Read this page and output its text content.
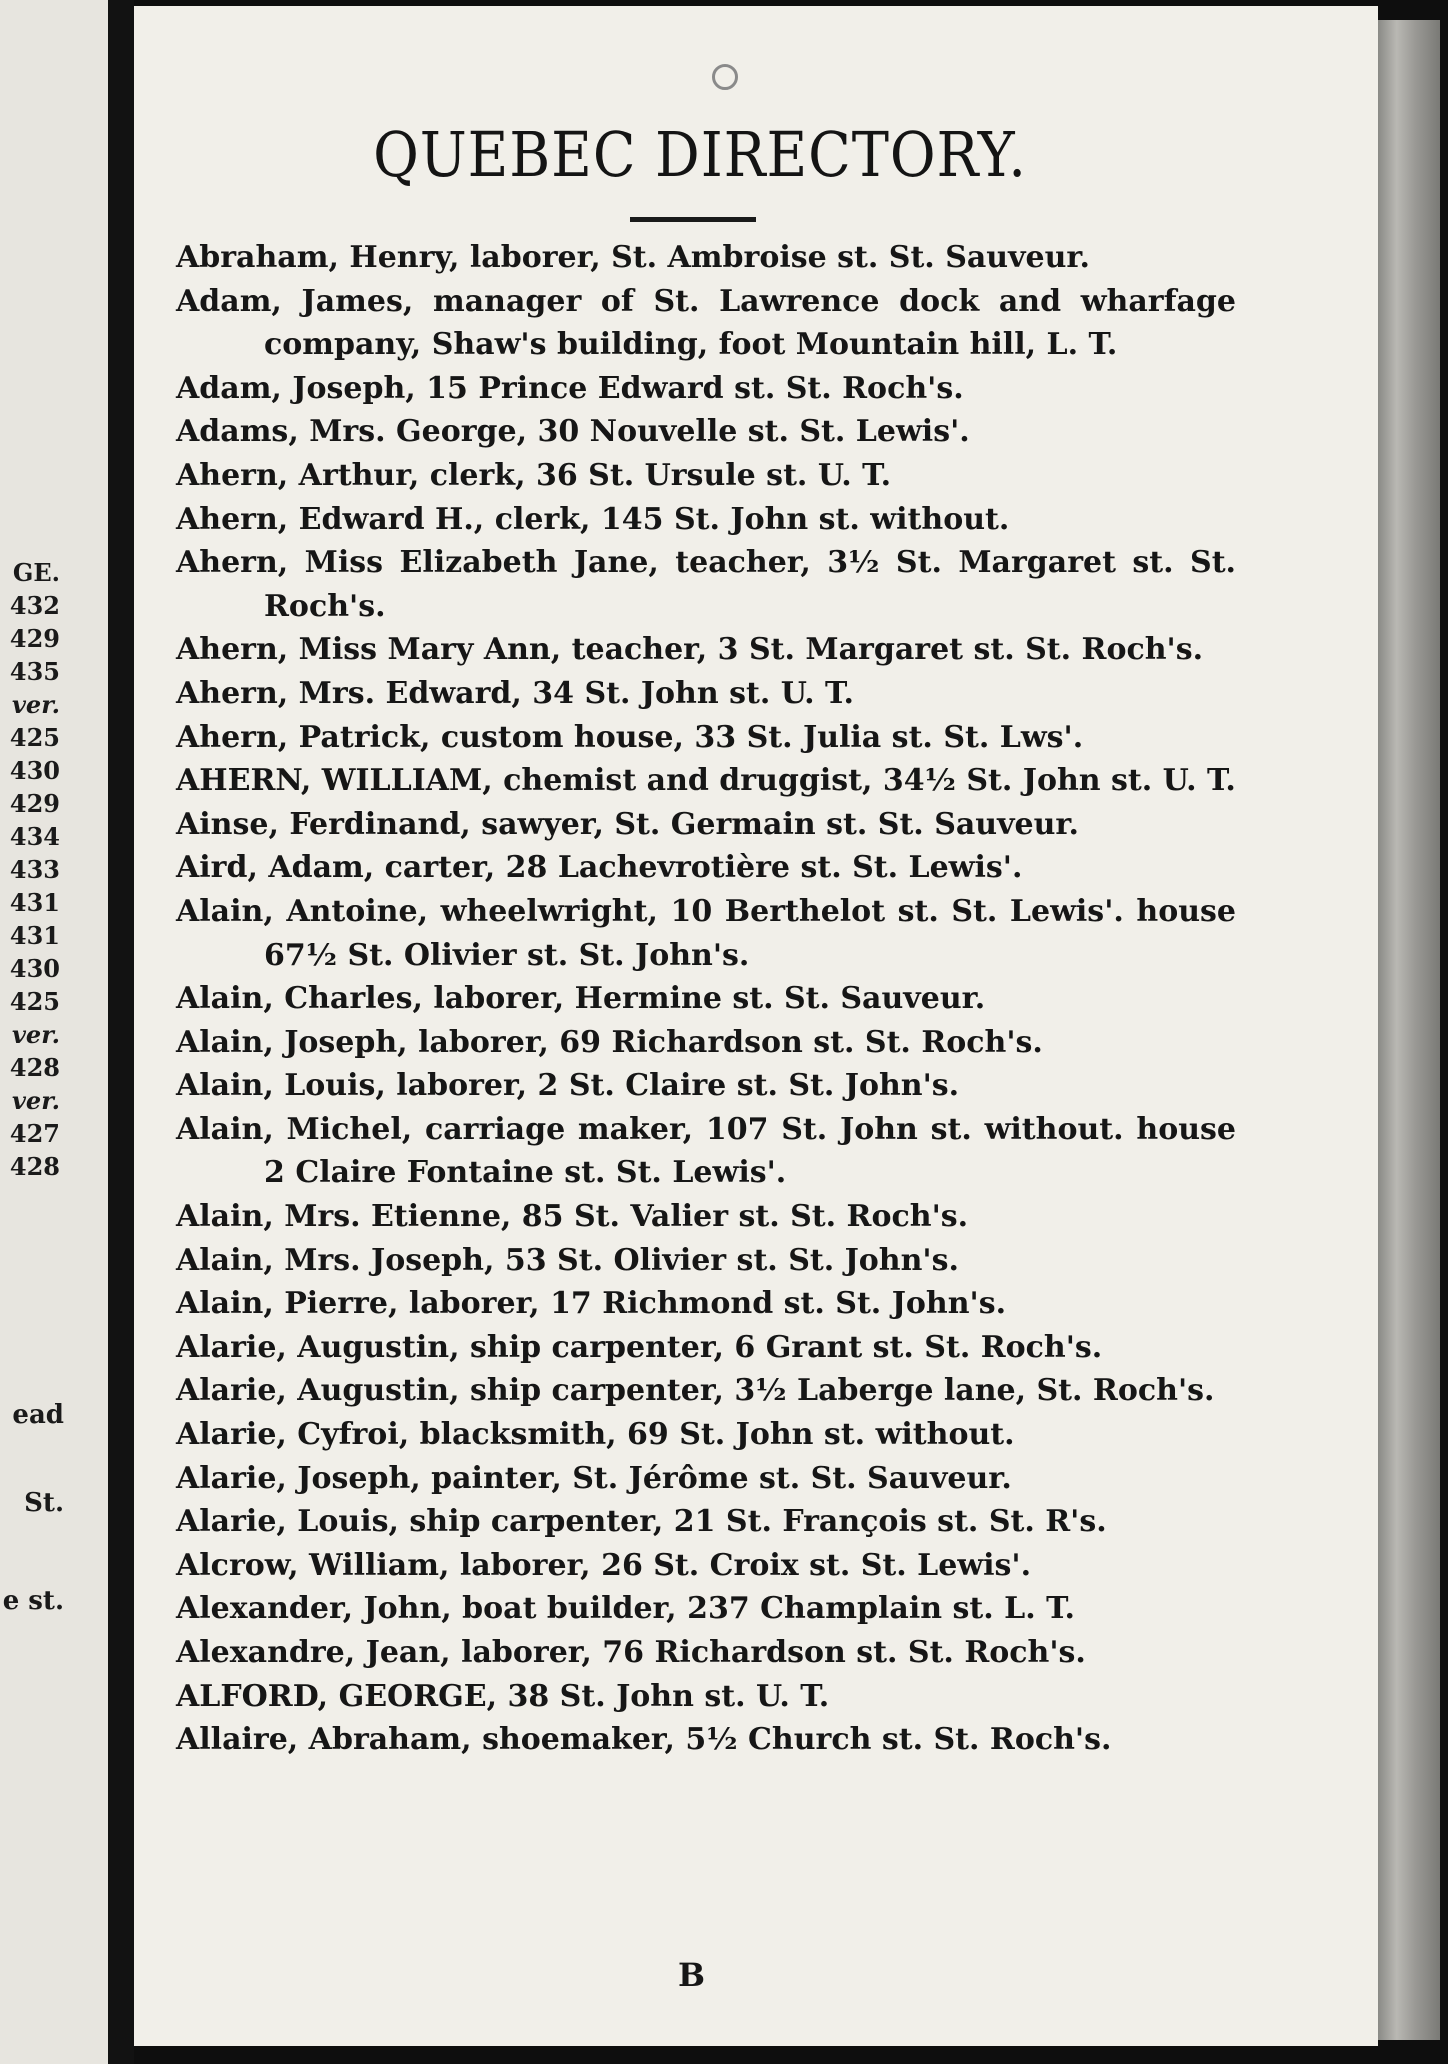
GE.
432
429
435
ver.
425
430
429
434
433
431
431
430
425
ver.
428
ver.
427
428
ead
St.
e st.
QUEBEC DIRECTORY.
Abraham, Henry, laborer, St. Ambroise st. St. Sauveur.
Adam, James, manager of St. Lawrence dock and wharfage company, Shaw's building, foot Mountain hill, L. T.
Adam, Joseph, 15 Prince Edward st. St. Roch's.
Adams, Mrs. George, 30 Nouvelle st. St. Lewis'.
Ahern, Arthur, clerk, 36 St. Ursule st. U. T.
Ahern, Edward H., clerk, 145 St. John st. without.
Ahern, Miss Elizabeth Jane, teacher, 3½ St. Margaret st. St. Roch's.
Ahern, Miss Mary Ann, teacher, 3 St. Margaret st. St. Roch's.
Ahern, Mrs. Edward, 34 St. John st. U. T.
Ahern, Patrick, custom house, 33 St. Julia st. St. Lws'.
AHERN, WILLIAM, chemist and druggist, 34½ St. John st. U. T.
Ainse, Ferdinand, sawyer, St. Germain st. St. Sauveur.
Aird, Adam, carter, 28 Lachevrotière st. St. Lewis'.
Alain, Antoine, wheelwright, 10 Berthelot st. St. Lewis'. house 67½ St. Olivier st. St. John's.
Alain, Charles, laborer, Hermine st. St. Sauveur.
Alain, Joseph, laborer, 69 Richardson st. St. Roch's.
Alain, Louis, laborer, 2 St. Claire st. St. John's.
Alain, Michel, carriage maker, 107 St. John st. without. house 2 Claire Fontaine st. St. Lewis'.
Alain, Mrs. Etienne, 85 St. Valier st. St. Roch's.
Alain, Mrs. Joseph, 53 St. Olivier st. St. John's.
Alain, Pierre, laborer, 17 Richmond st. St. John's.
Alarie, Augustin, ship carpenter, 6 Grant st. St. Roch's.
Alarie, Augustin, ship carpenter, 3½ Laberge lane, St. Roch's.
Alarie, Cyfroi, blacksmith, 69 St. John st. without.
Alarie, Joseph, painter, St. Jérôme st. St. Sauveur.
Alarie, Louis, ship carpenter, 21 St. François st. St. R's.
Alcrow, William, laborer, 26 St. Croix st. St. Lewis'.
Alexander, John, boat builder, 237 Champlain st. L. T.
Alexandre, Jean, laborer, 76 Richardson st. St. Roch's.
ALFORD, GEORGE, 38 St. John st. U. T.
Allaire, Abraham, shoemaker, 5½ Church st. St. Roch's.
B
